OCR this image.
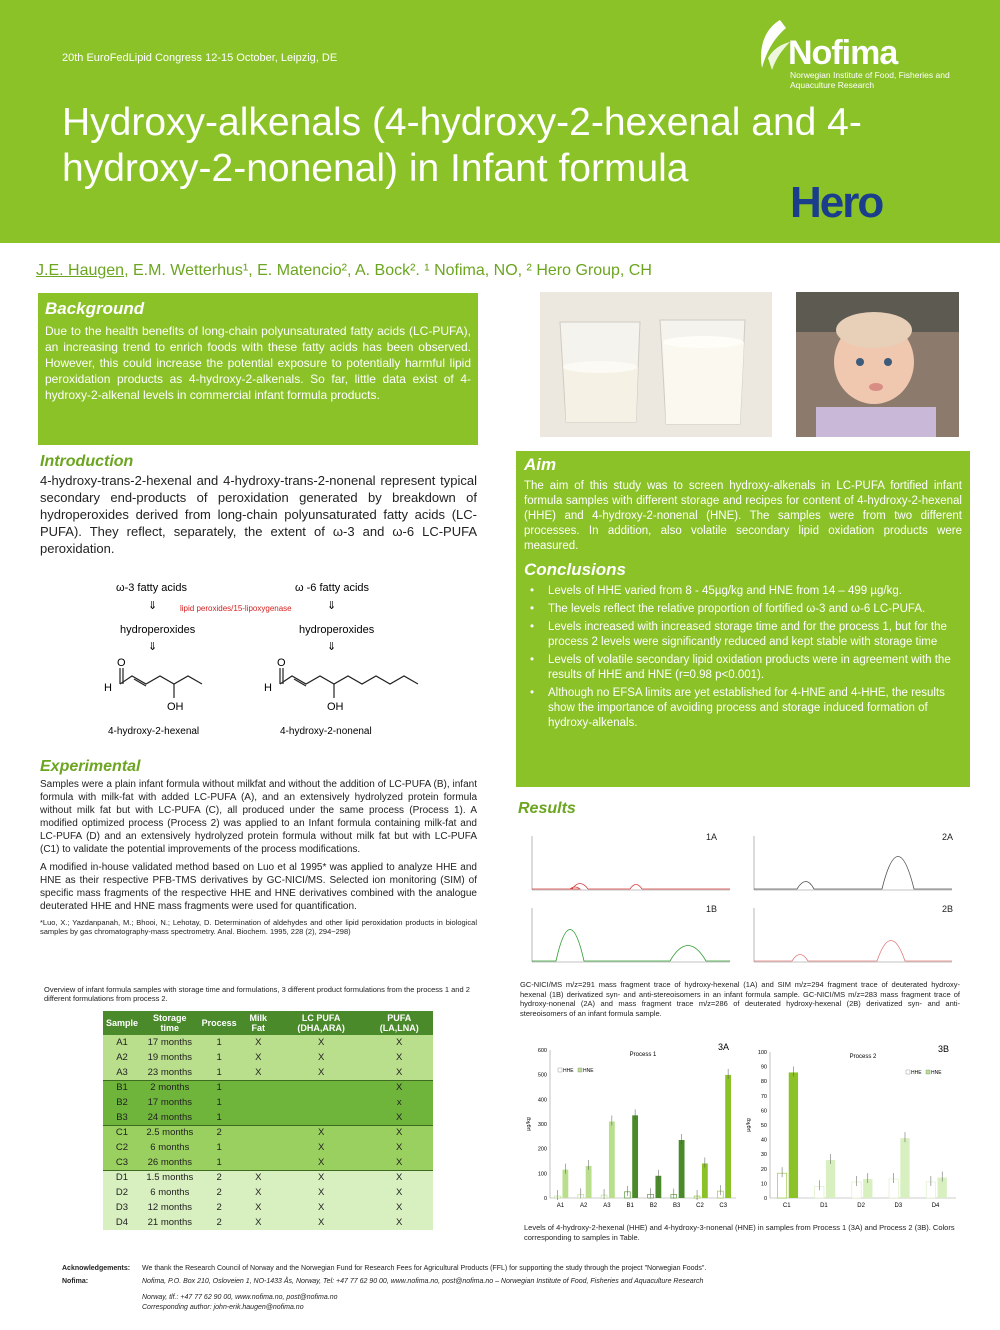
20th EuroFedLipid Congress 12-15 October, Leipzig, DE
Hydroxy-alkenals (4-hydroxy-2-hexenal and 4-hydroxy-2-nonenal) in Infant formula
Nofima
Norwegian Institute of Food, Fisheries and Aquaculture Research
Hero
J.E. Haugen, E.M. Wetterhus¹, E. Matencio², A. Bock². ¹ Nofima, NO, ² Hero Group, CH
Background

Due to the health benefits of long-chain polyunsaturated fatty acids (LC-PUFA), an increasing trend to enrich foods with these fatty acids has been observed. However, this could increase the potential exposure to potentially harmful lipid peroxidation products as 4-hydroxy-2-alkenals. So far, little data exist of 4-hydroxy-2-alkenal levels in commercial infant formula products.

Introduction
4-hydroxy-trans-2-hexenal and 4-hydroxy-trans-2-nonenal represent typical secondary end-products of peroxidation generated by breakdown of hydroperoxides derived from long-chain polyunsaturated fatty acids (LC-PUFA). They reflect, separately, the extent of ω-3 and ω-6 LC-PUFA peroxidation.
ω-3 fatty acids	ω -6 fatty acids
⇓	⇓
lipid peroxides/15-lipoxygenase
hydroperoxides	hydroperoxides
⇓	⇓
O
H
OH
4-hydroxy-2-hexenal
O
H
OH
4-hydroxy-2-nonenal
Experimental

Samples were a plain infant formula without milkfat and without the addition of LC-PUFA (B), infant formula with milk-fat with added LC-PUFA (A), and an extensively hydrolyzed protein formula without milk fat but with LC-PUFA (C), all produced under the same process (Process 1). A modified optimized process (Process 2) was applied to an Infant formula containing milk-fat and LC-PUFA (D) and an extensively hydrolyzed protein formula without milk fat but with LC-PUFA (C1) to validate the potential improvements of the process modifications.

A modified in-house validated method based on Luo et al 1995* was applied to analyze HHE and HNE as their respective PFB-TMS derivatives by GC-NICI/MS. Selected ion monitoring (SIM) of specific mass fragments of the respective HHE and HNE derivatives combined with the analogue deuterated HHE and HNE mass fragments were used for quantification.

*Luo, X.; Yazdanpanah, M.; Bhooi, N.; Lehotay, D. Determination of aldehydes and other lipid peroxidation products in biological samples by gas chromatography-mass spectrometry. Anal. Biochem. 1995, 228 (2), 294−298)

Overview of infant formula samples with storage time and formulations, 3 different product formulations from the process 1 and 2 different formulations from process 2.
Sample	Storage time	Process	Milk Fat	LC PUFA (DHA,ARA)	PUFA (LA,LNA)
A1	17 months	1	X	X	X
A2	19 months	1	X	X	X
A3	23 months	1	X	X	X
B1	2 months	1			X
B2	17 months	1			x
B3	24 months	1			X
C1	2.5 months	2		X	X
C2	6 months	1		X	X
C3	26 months	1		X	X
D1	1.5 months	2	X	X	X
D2	6 months	2	X	X	X
D3	12 months	2	X	X	X
D4	21 months	2	X	X	X
Aim

The aim of this study was to screen hydroxy-alkenals in LC-PUFA fortified infant formula samples with different storage and recipes for content of 4-hydroxy-2-hexenal (HHE) and 4-hydroxy-2-nonenal (HNE). The samples were from two different processes. In addition, also volatile secondary lipid oxidation products were measured.

Conclusions
• Levels of HHE varied from 8 - 45µg/kg and HNE from 14 – 499 µg/kg.
• The levels reflect the relative proportion of fortified ω-3 and ω-6 LC-PUFA.
• Levels increased with increased storage time and for the process 1, but for the process 2 levels were significantly reduced and kept stable with storage time
• Levels of volatile secondary lipid oxidation products were in agreement with the results of HHE and HNE (r=0.98 p<0.001).
• Although no EFSA limits are yet established for 4-HNE and 4-HHE, the results show the importance of avoiding process and storage induced formation of hydroxy-alkenals.
Results
1A	2A
1B	2B
GC-NICI/MS m/z=291 mass fragment trace of hydroxy-hexenal (1A) and SIM m/z=294 fragment trace of deuterated hydroxy-hexenal (1B) derivatized syn- and anti-stereoisomers in an infant formula sample. GC-NICI/MS m/z=283 mass fragment trace of hydroxy-nonenal (2A) and mass fragment trace m/z=286 of deuterated hydroxy-hexenal (2B) derivatized syn- and anti-stereoisomers of an infant formula sample.
0
100
200
300
400
500
600
µg/kg
Process 1
3A
HHE HNE
A1	A2	A3	B1	B2	B3	C2	C3
0
10
20
30
40
50
60
70
80
90
100
µg/kg
Process 2
3B
HHE HNE
C1	D1	D2	D3	D4
Levels of 4-hydroxy-2-hexenal (HHE) and 4-hydroxy-3-nonenal (HNE) in samples from Process 1 (3A) and Process 2 (3B). Colors corresponding to samples in Table.
Acknowledgements: We thank the Research Council of Norway and the Norwegian Fund for Research Fees for Agricultural Products (FFL) for supporting the study through the project "Norwegian Foods".
Nofima:	Nofima, P.O. Box 210, Osloveien 1, NO-1433 Ås, Norway, Tel: +47 77 62 90 00, www.nofima.no, post@nofima.no – Norwegian Institute of Food, Fisheries and Aquaculture Research
Norway, tlf.: +47 77 62 90 00, www.nofima.no, post@nofima.no
Corresponding author: john-erik.haugen@nofima.no
